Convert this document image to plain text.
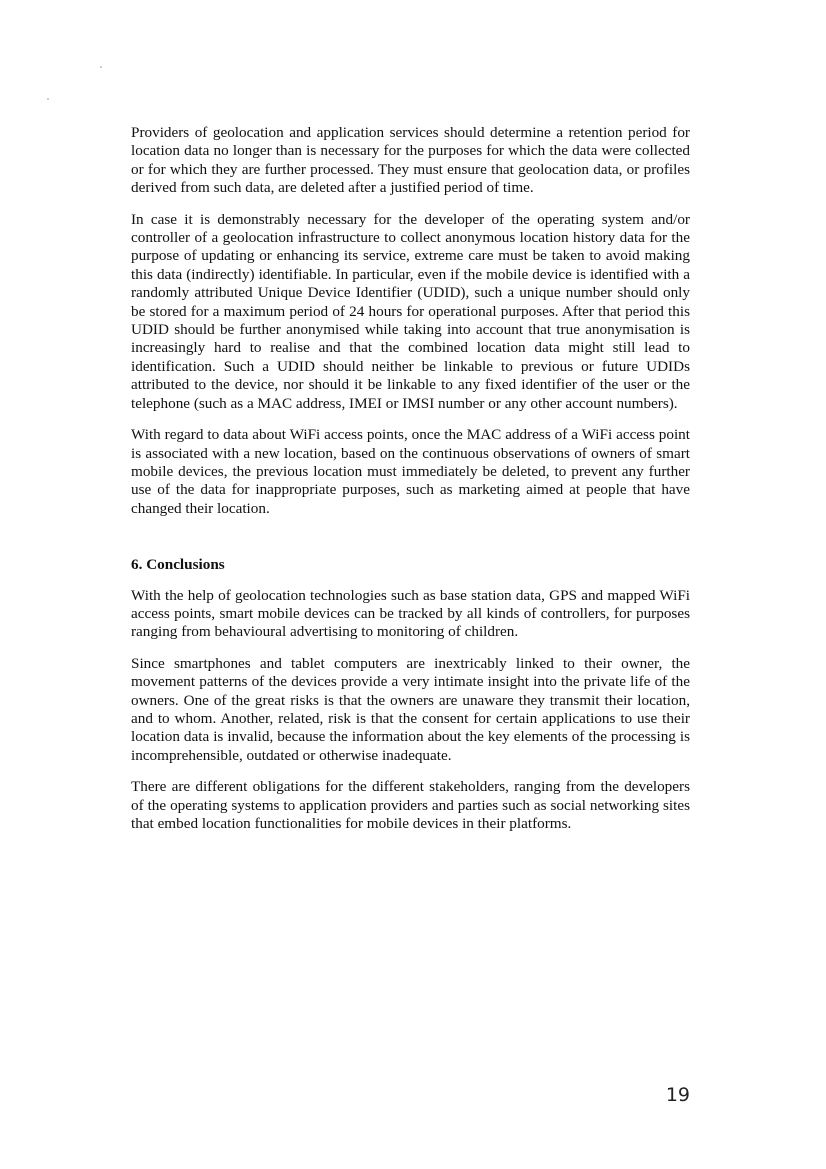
Providers of geolocation and application services should determine a retention period for location data no longer than is necessary for the purposes for which the data were collected or for which they are further processed. They must ensure that geolocation data, or profiles derived from such data, are deleted after a justified period of time.

In case it is demonstrably necessary for the developer of the operating system and/or controller of a geolocation infrastructure to collect anonymous location history data for the purpose of updating or enhancing its service, extreme care must be taken to avoid making this data (indirectly) identifiable. In particular, even if the mobile device is identified with a randomly attributed Unique Device Identifier (UDID), such a unique number should only be stored for a maximum period of 24 hours for operational purposes. After that period this UDID should be further anonymised while taking into account that true anonymisation is increasingly hard to realise and that the combined location data might still lead to identification. Such a UDID should neither be linkable to previous or future UDIDs attributed to the device, nor should it be linkable to any fixed identifier of the user or the telephone (such as a MAC address, IMEI or IMSI number or any other account numbers).

With regard to data about WiFi access points, once the MAC address of a WiFi access point is associated with a new location, based on the continuous observations of owners of smart mobile devices, the previous location must immediately be deleted, to prevent any further use of the data for inappropriate purposes, such as marketing aimed at people that have changed their location.

6. Conclusions

With the help of geolocation technologies such as base station data, GPS and mapped WiFi access points, smart mobile devices can be tracked by all kinds of controllers, for purposes ranging from behavioural advertising to monitoring of children.

Since smartphones and tablet computers are inextricably linked to their owner, the movement patterns of the devices provide a very intimate insight into the private life of the owners. One of the great risks is that the owners are unaware they transmit their location, and to whom. Another, related, risk is that the consent for certain applications to use their location data is invalid, because the information about the key elements of the processing is incomprehensible, outdated or otherwise inadequate.

There are different obligations for the different stakeholders, ranging from the developers of the operating systems to application providers and parties such as social networking sites that embed location functionalities for mobile devices in their platforms.

19
